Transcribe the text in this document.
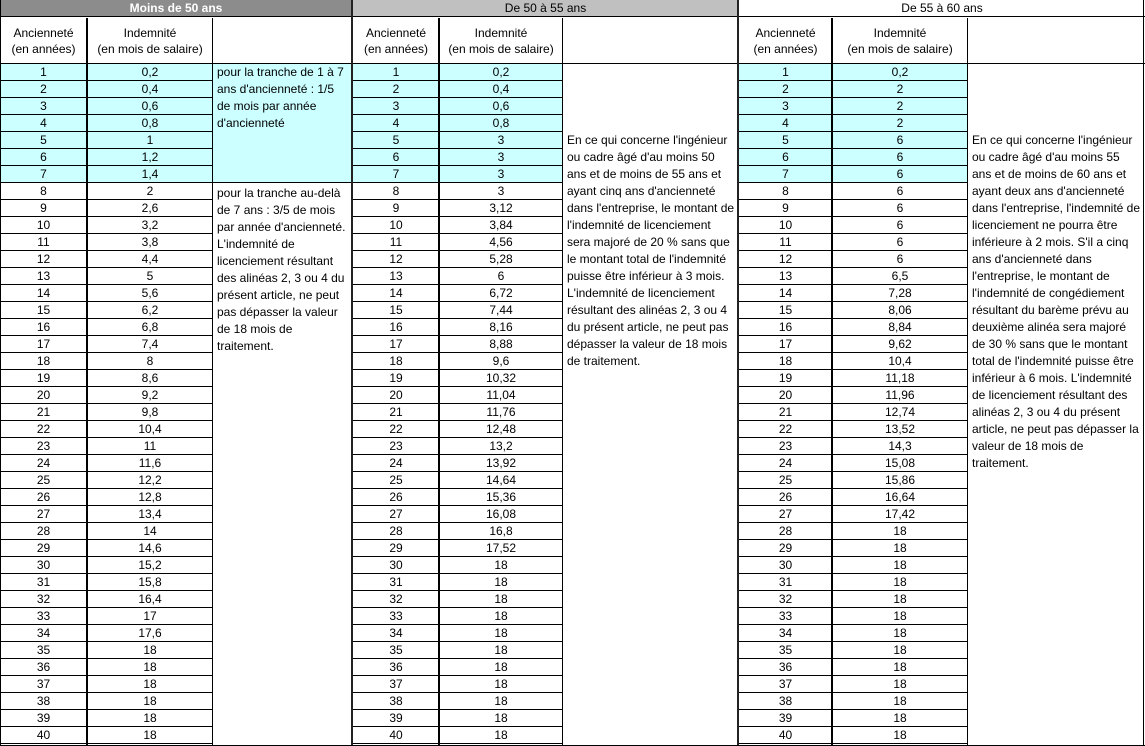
Moins de 50 ans
Ancienneté
(en années)
Indemnité
(en mois de salaire)
1	0,2
2	0,4
3	0,6
4	0,8
5	1
6	1,2
7	1,4
8	2
9	2,6
10	3,2
11	3,8
12	4,4
13	5
14	5,6
15	6,2
16	6,8
17	7,4
18	8
19	8,6
20	9,2
21	9,8
22	10,4
23	11
24	11,6
25	12,2
26	12,8
27	13,4
28	14
29	14,6
30	15,2
31	15,8
32	16,4
33	17
34	17,6
35	18
36	18
37	18
38	18
39	18
40	18
pour la tranche de 1 à 7 ans d'ancienneté : 1/5 de mois par année d'ancienneté
pour la tranche au-delà de 7 ans : 3/5 de mois par année d'ancienneté. L'indemnité de licenciement résultant des alinéas 2, 3 ou 4 du présent article, ne peut pas dépasser la valeur de 18 mois de traitement.
De 50 à 55 ans
Ancienneté
(en années)
Indemnité
(en mois de salaire)
1	0,2
2	0,4
3	0,6
4	0,8
5	3
6	3
7	3
8	3
9	3,12
10	3,84
11	4,56
12	5,28
13	6
14	6,72
15	7,44
16	8,16
17	8,88
18	9,6
19	10,32
20	11,04
21	11,76
22	12,48
23	13,2
24	13,92
25	14,64
26	15,36
27	16,08
28	16,8
29	17,52
30	18
31	18
32	18
33	18
34	18
35	18
36	18
37	18
38	18
39	18
40	18
En ce qui concerne l'ingénieur ou cadre âgé d'au moins 50 ans et de moins de 55 ans et ayant cinq ans d'ancienneté dans l'entreprise, le montant de l'indemnité de licenciement sera majoré de 20 % sans que le montant total de l'indemnité puisse être inférieur à 3 mois. L'indemnité de licenciement résultant des alinéas 2, 3 ou 4 du présent article, ne peut pas dépasser la valeur de 18 mois de traitement.
De 55 à 60 ans
Ancienneté
(en années)
Indemnité
(en mois de salaire)
1	0,2
2	2
3	2
4	2
5	6
6	6
7	6
8	6
9	6
10	6
11	6
12	6
13	6,5
14	7,28
15	8,06
16	8,84
17	9,62
18	10,4
19	11,18
20	11,96
21	12,74
22	13,52
23	14,3
24	15,08
25	15,86
26	16,64
27	17,42
28	18
29	18
30	18
31	18
32	18
33	18
34	18
35	18
36	18
37	18
38	18
39	18
40	18
En ce qui concerne l'ingénieur ou cadre âgé d'au moins 55 ans et de moins de 60 ans et ayant deux ans d'ancienneté dans l'entreprise, l'indemnité de licenciement ne pourra être inférieure à 2 mois. S'il a cinq ans d'ancienneté dans l'entreprise, le montant de l'indemnité de congédiement résultant du barème prévu au deuxième alinéa sera majoré de 30 % sans que le montant total de l'indemnité puisse être inférieur à 6 mois. L'indemnité de licenciement résultant des alinéas 2, 3 ou 4 du présent article, ne peut pas dépasser la valeur de 18 mois de traitement.
